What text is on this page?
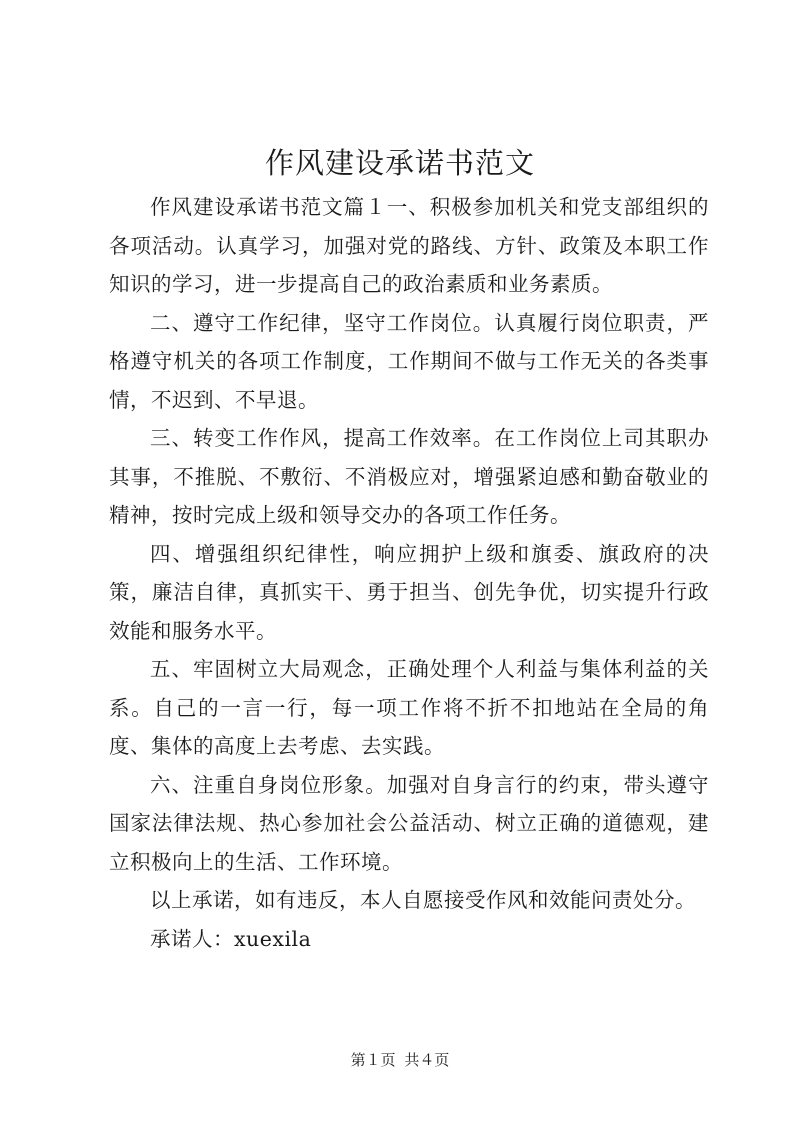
作风建设承诺书范文

作风建设承诺书范文篇１一、积极参加机关和党支部组织的各项活动。认真学习，加强对党的路线、方针、政策及本职工作知识的学习，进一步提高自己的政治素质和业务素质。

二、遵守工作纪律，坚守工作岗位。认真履行岗位职责，严格遵守机关的各项工作制度，工作期间不做与工作无关的各类事情，不迟到、不早退。

三、转变工作作风，提高工作效率。在工作岗位上司其职办其事，不推脱、不敷衍、不消极应对，增强紧迫感和勤奋敬业的精神，按时完成上级和领导交办的各项工作任务。

四、增强组织纪律性，响应拥护上级和旗委、旗政府的决策，廉洁自律，真抓实干、勇于担当、创先争优，切实提升行政效能和服务水平。

五、牢固树立大局观念，正确处理个人利益与集体利益的关系。自己的一言一行，每一项工作将不折不扣地站在全局的角度、集体的高度上去考虑、去实践。

六、注重自身岗位形象。加强对自身言行的约束，带头遵守国家法律法规、热心参加社会公益活动、树立正确的道德观，建立积极向上的生活、工作环境。

以上承诺，如有违反，本人自愿接受作风和效能问责处分。

承诺人：xuexila

第１页 共４页
